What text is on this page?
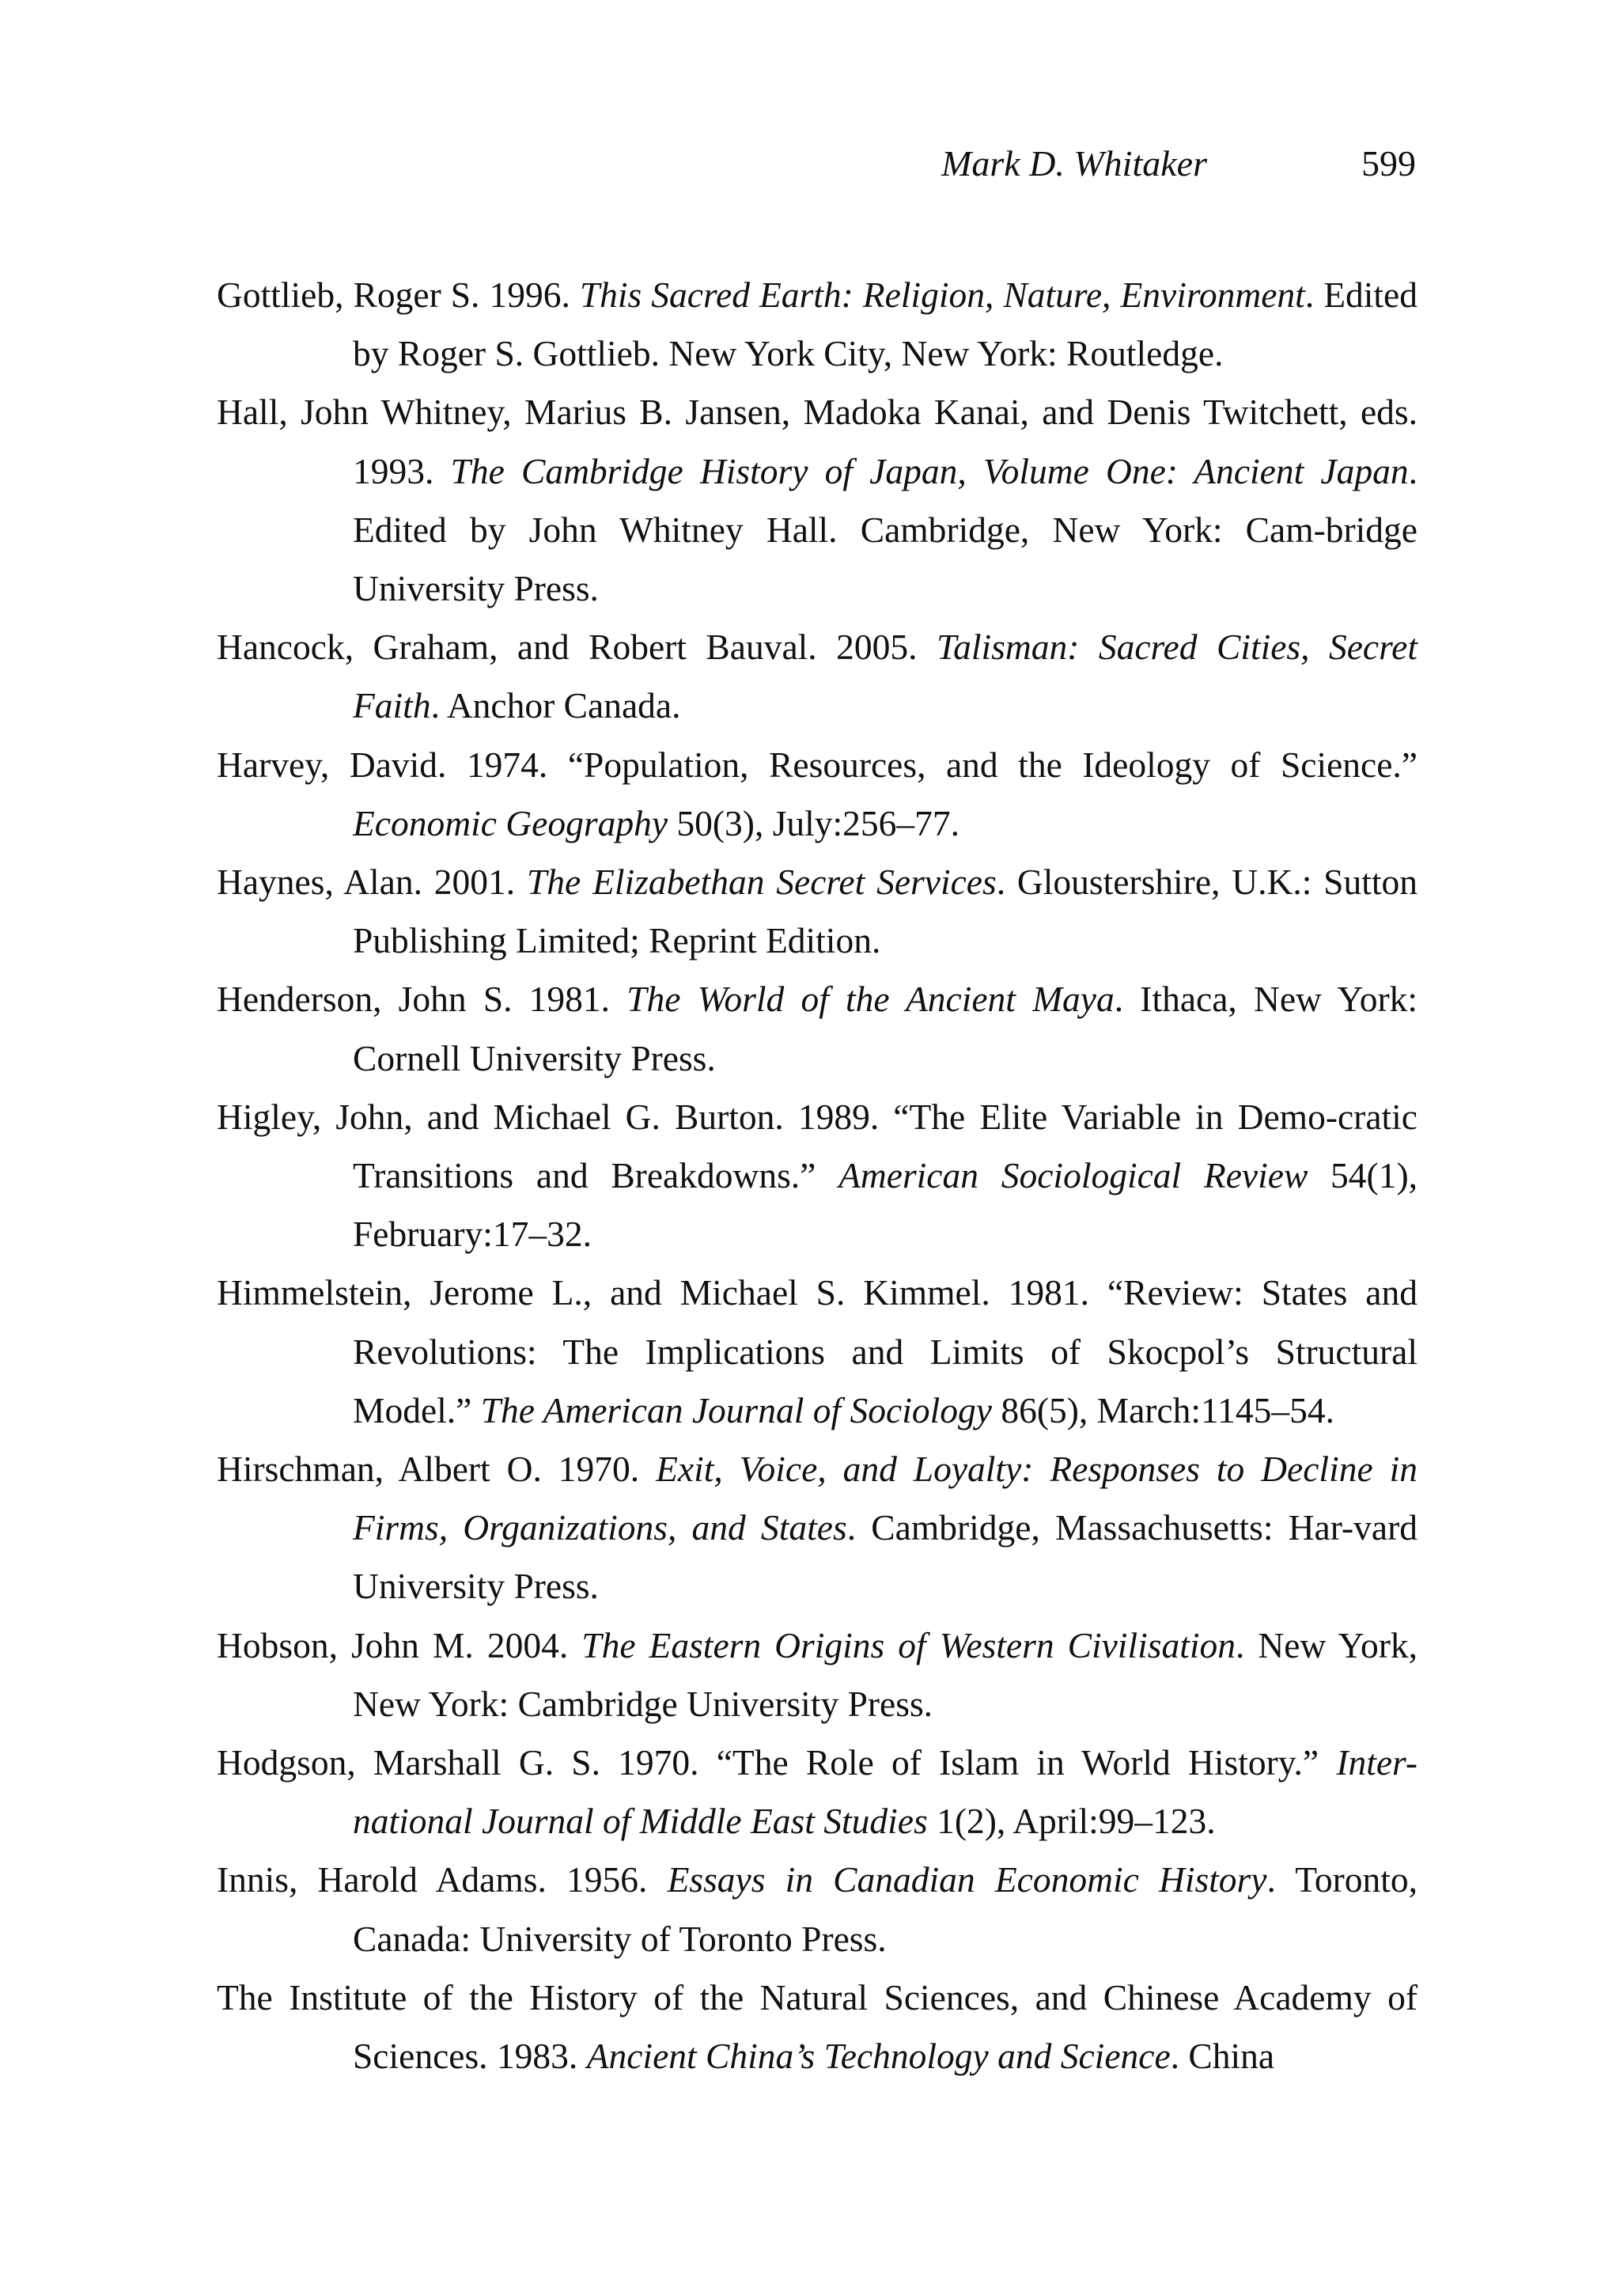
Mark D. Whitaker	599

Gottlieb, Roger S. 1996. This Sacred Earth: Religion, Nature, Environment. Edited by Roger S. Gottlieb. New York City, New York: Routledge.

Hall, John Whitney, Marius B. Jansen, Madoka Kanai, and Denis Twitchett, eds. 1993. The Cambridge History of Japan, Volume One: Ancient Japan. Edited by John Whitney Hall. Cambridge, New York: Cam-bridge University Press.

Hancock, Graham, and Robert Bauval. 2005. Talisman: Sacred Cities, Secret Faith. Anchor Canada.

Harvey, David. 1974. “Population, Resources, and the Ideology of Science.” Economic Geography 50(3), July:256–77.

Haynes, Alan. 2001. The Elizabethan Secret Services. Gloustershire, U.K.: Sutton Publishing Limited; Reprint Edition.

Henderson, John S. 1981. The World of the Ancient Maya. Ithaca, New York: Cornell University Press.

Higley, John, and Michael G. Burton. 1989. “The Elite Variable in Demo-cratic Transitions and Breakdowns.” American Sociological Review 54(1), February:17–32.

Himmelstein, Jerome L., and Michael S. Kimmel. 1981. “Review: States and Revolutions: The Implications and Limits of Skocpol’s Structural Model.” The American Journal of Sociology 86(5), March:1145–54.

Hirschman, Albert O. 1970. Exit, Voice, and Loyalty: Responses to Decline in Firms, Organizations, and States. Cambridge, Massachusetts: Har-vard University Press.

Hobson, John M. 2004. The Eastern Origins of Western Civilisation. New York, New York: Cambridge University Press.

Hodgson, Marshall G. S. 1970. “The Role of Islam in World History.” Inter-national Journal of Middle East Studies 1(2), April:99–123.

Innis, Harold Adams. 1956. Essays in Canadian Economic History. Toronto, Canada: University of Toronto Press.

The Institute of the History of the Natural Sciences, and Chinese Academy of Sciences. 1983. Ancient China’s Technology and Science. China
